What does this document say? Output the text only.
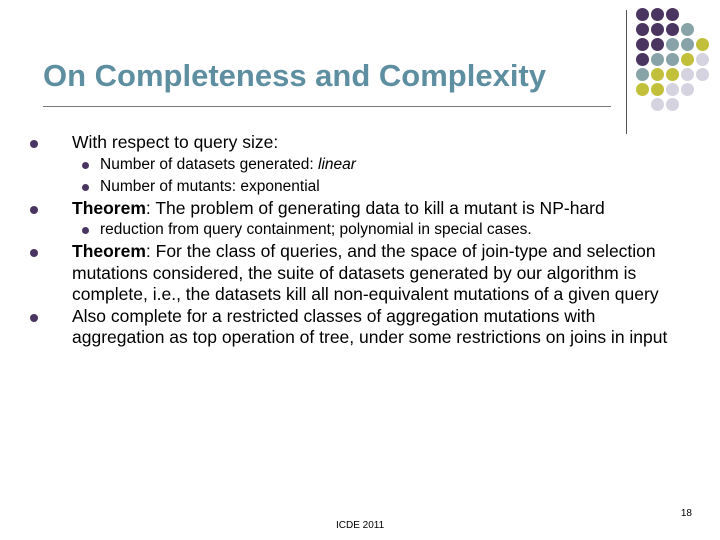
On Completeness and Complexity
With respect to query size:
Number of datasets generated: linear
Number of mutants: exponential
Theorem: The problem of generating data to kill a mutant is NP-hard
reduction from query containment; polynomial in special cases.
Theorem: For the class of queries, and the space of join-type and selection mutations considered, the suite of datasets generated by our algorithm is complete, i.e., the datasets kill all non-equivalent mutations of a given query
Also complete for a restricted classes of aggregation mutations with aggregation as top operation of tree, under some restrictions on joins in input
ICDE 2011
18
